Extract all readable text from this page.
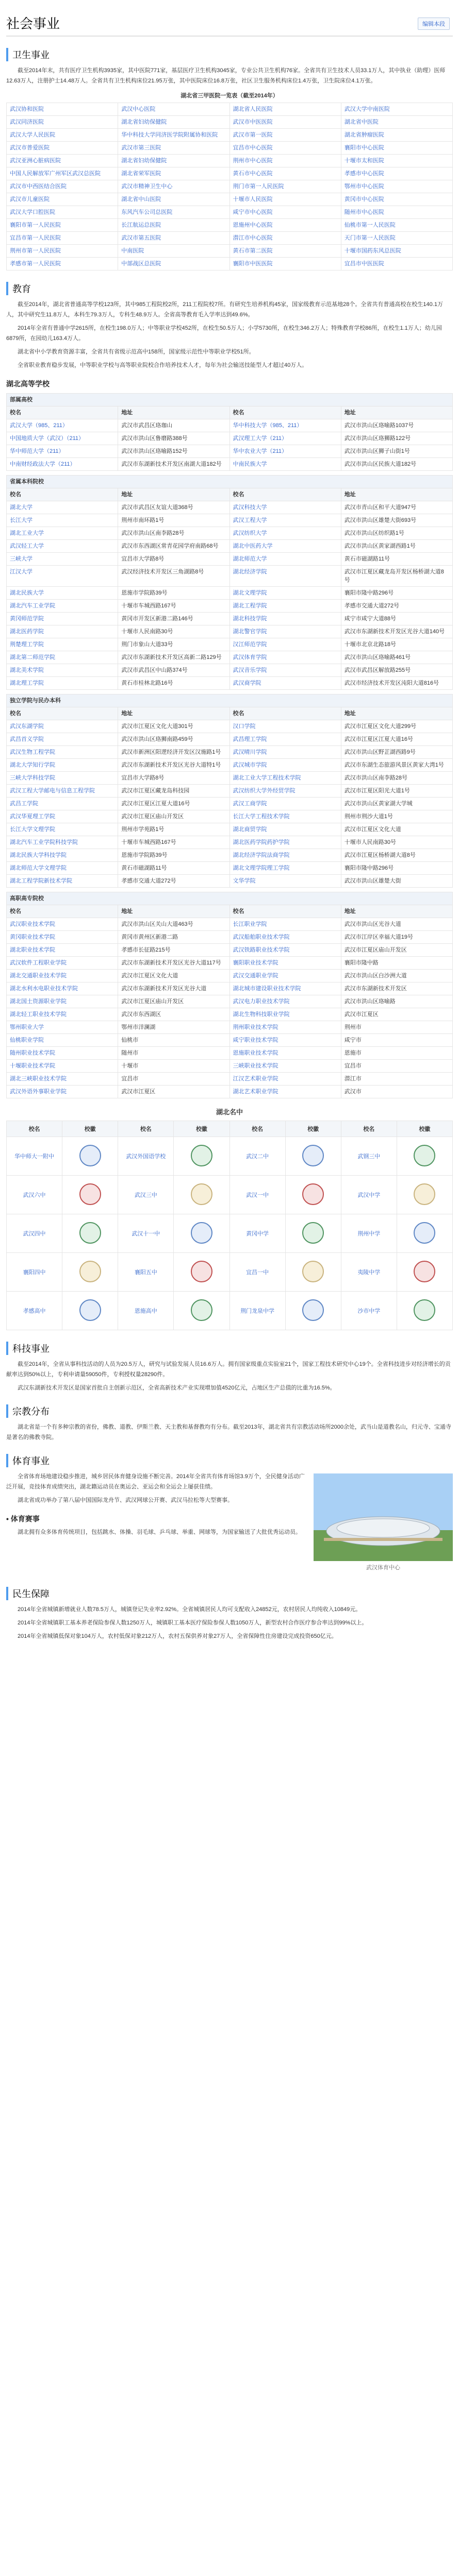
社会事业	编辑本段
卫生事业

截至2014年末，共有医疗卫生机构3935家，其中医院771家，基层医疗卫生机构3045家，专业公共卫生机构76家。全省共有卫生技术人员33.1万人，其中执业（助理）医师12.63万人，注册护士14.48万人。全省共有卫生机构床位21.95万张，其中医院床位16.8万张，社区卫生服务机构床位1.4万张，卫生院床位4.1万张。

湖北省三甲医院一览表（截至2014年）
武汉协和医院	武汉中心医院	湖北省人民医院	武汉大学中南医院
武汉同济医院	湖北省妇幼保健院	武汉市中医医院	湖北省中医院
武汉大学人民医院	华中科技大学同济医学院附属协和医院	武汉市第一医院	湖北省肿瘤医院
武汉市普爱医院	武汉市第三医院	宜昌市中心医院	襄阳市中心医院
武汉亚洲心脏病医院	湖北省妇幼保健院	荆州市中心医院	十堰市太和医院
中国人民解放军广州军区武汉总医院	湖北省荣军医院	黄石市中心医院	孝感市中心医院
武汉市中西医结合医院	武汉市精神卫生中心	荆门市第一人民医院	鄂州市中心医院
武汉市儿童医院	湖北省中山医院	十堰市人民医院	黄冈市中心医院
武汉大学口腔医院	东风汽车公司总医院	咸宁市中心医院	随州市中心医院
襄阳市第一人民医院	长江航运总医院	恩施州中心医院	仙桃市第一人民医院
宜昌市第一人民医院	武汉市第五医院	潜江市中心医院	天门市第一人民医院
荆州市第一人民医院	中南医院	黄石市第二医院	十堰市国药东风总医院
孝感市第一人民医院	中部战区总医院	襄阳市中医医院	宜昌市中医医院
教育

截至2014年，湖北省普通高等学校123所，其中985工程院校2所，211工程院校7所。有研究生培养机构45家，国家级教育示范基地28个。全省共有普通高校在校生140.1万人，其中研究生11.8万人，本科生79.3万人，专科生48.9万人。全省高等教育毛入学率达到49.6%。

2014年全省有普通中学2615所，在校生198.0万人；中等职业学校452所，在校生50.5万人；小学5730所，在校生346.2万人；特殊教育学校86所，在校生1.1万人；幼儿园6879所，在园幼儿163.4万人。

湖北省中小学教育资源丰富，全省共有省级示范高中158所，国家级示范性中等职业学校51所。

全省职业教育稳步发展，中等职业学校与高等职业院校合作培养技术人才，每年为社会输送技能型人才超过40万人。

湖北高等学校
部属高校			
校名	地址	校名	地址
武汉大学（985、211）	武汉市武昌区珞珈山	华中科技大学（985、211）	武汉市洪山区珞喻路1037号
中国地质大学（武汉）（211）	武汉市洪山区鲁磨路388号	武汉理工大学（211）	武汉市洪山区珞狮路122号
华中师范大学（211）	武汉市洪山区珞喻路152号	华中农业大学（211）	武汉市洪山区狮子山街1号
中南财经政法大学（211）	武汉市东湖新技术开发区南湖大道182号	中南民族大学	武汉市洪山区民族大道182号
省属本科院校			
校名	地址	校名	地址
湖北大学	武汉市武昌区友谊大道368号	武汉科技大学	武汉市青山区和平大道947号
长江大学	荆州市南环路1号	武汉工程大学	武汉市洪山区雄楚大街693号
湖北工业大学	武汉市洪山区南李路28号	武汉纺织大学	武汉市洪山区纺织路1号
武汉轻工大学	武汉市东西湖区常青花园学府南路68号	湖北中医药大学	武汉市洪山区黄家湖西路1号
三峡大学	宜昌市大学路8号	湖北师范大学	黄石市磁湖路11号
江汉大学	武汉经济技术开发区三角湖路8号	湖北经济学院	武汉市江夏区藏龙岛开发区杨桥湖大道8号
湖北民族大学	恩施市学院路39号	湖北文理学院	襄阳市隆中路296号
湖北汽车工业学院	十堰市车城西路167号	湖北工程学院	孝感市交通大道272号
黄冈师范学院	黄冈市开发区新港二路146号	湖北科技学院	咸宁市咸宁大道88号
湖北医药学院	十堰市人民南路30号	湖北警官学院	武汉市东湖新技术开发区光谷大道140号
荆楚理工学院	荆门市象山大道33号	汉江师范学院	十堰市北京北路18号
湖北第二师范学院	武汉市东湖新技术开发区高新二路129号	武汉体育学院	武汉市洪山区珞喻路461号
湖北美术学院	武汉市武昌区中山路374号	武汉音乐学院	武汉市武昌区解放路255号
湖北理工学院	黄石市桂林北路16号	武汉商学院	武汉市经济技术开发区沌阳大道816号
独立学院与民办本科			
校名	地址	校名	地址
武汉东湖学院	武汉市江夏区文化大道301号	汉口学院	武汉市江夏区文化大道299号
武昌首义学院	武汉市洪山区珞狮南路459号	武昌理工学院	武汉市江夏区江夏大道16号
武汉生物工程学院	武汉市新洲区阳逻经济开发区汉施路1号	武汉晴川学院	武汉市洪山区野芷湖西路9号
湖北大学知行学院	武汉市东湖新技术开发区光谷大道特1号	武汉城市学院	武汉市东湖生态旅游风景区黄家大湾1号
三峡大学科技学院	宜昌市大学路8号	湖北工业大学工程技术学院	武汉市洪山区南李路28号
武汉工程大学邮电与信息工程学院	武汉市江夏区藏龙岛科技园	武汉纺织大学外经贸学院	武汉市江夏区阳光大道1号
武昌工学院	武汉市江夏区江夏大道16号	武汉工商学院	武汉市洪山区黄家湖大学城
武汉华夏理工学院	武汉市江夏区庙山开发区	长江大学工程技术学院	荆州市荆沙大道1号
长江大学文理学院	荆州市学苑路1号	湖北商贸学院	武汉市江夏区文化大道
湖北汽车工业学院科技学院	十堰市车城西路167号	湖北医药学院药护学院	十堰市人民南路30号
湖北民族大学科技学院	恩施市学院路39号	湖北经济学院法商学院	武汉市江夏区杨桥湖大道8号
湖北师范大学文理学院	黄石市磁湖路11号	湖北文理学院理工学院	襄阳市隆中路296号
湖北工程学院新技术学院	孝感市交通大道272号	文华学院	武汉市洪山区雄楚大街
高职高专院校			
校名	地址	校名	地址
武汉职业技术学院	武汉市洪山区关山大道463号	长江职业学院	武汉市洪山区光谷大道
黄冈职业技术学院	黄冈市黄州区新港二路	武汉船舶职业技术学院	武汉市江岸区幸福大道19号
湖北职业技术学院	孝感市长征路215号	武汉铁路职业技术学院	武汉市江夏区庙山开发区
武汉软件工程职业学院	武汉市东湖新技术开发区光谷大道117号	襄阳职业技术学院	襄阳市隆中路
湖北交通职业技术学院	武汉市江夏区文化大道	武汉交通职业学院	武汉市洪山区白沙洲大道
湖北水利水电职业技术学院	武汉市东湖新技术开发区光谷大道	湖北城市建设职业技术学院	武汉市东湖新技术开发区
湖北国土资源职业学院	武汉市江夏区庙山开发区	武汉电力职业技术学院	武汉市洪山区珞喻路
湖北轻工职业技术学院	武汉市东西湖区	湖北生物科技职业学院	武汉市江夏区
鄂州职业大学	鄂州市洋澜湖	荆州职业技术学院	荆州市
仙桃职业学院	仙桃市	咸宁职业技术学院	咸宁市
随州职业技术学院	随州市	恩施职业技术学院	恩施市
十堰职业技术学院	十堰市	三峡职业技术学院	宜昌市
湖北三峡职业技术学院	宜昌市	江汉艺术职业学院	潜江市
武汉外语外事职业学院	武汉市江夏区	湖北艺术职业学院	武汉市
湖北名中
校名	校徽	校名	校徽	校名	校徽	校名	校徽
华中师大一附中		武汉外国语学校		武汉二中		武钢三中	
武汉六中		武汉三中		武汉一中		武汉中学	
武汉四中		武汉十一中		黄冈中学		荆州中学	
襄阳四中		襄阳五中		宜昌一中		夷陵中学	
孝感高中		恩施高中		荆门龙泉中学		沙市中学	
科技事业

截至2014年，全省从事科技活动的人员为20.5万人，研究与试验发展人员16.6万人。拥有国家级重点实验室21个，国家工程技术研究中心19个。全省科技进步对经济增长的贡献率达到50%以上，专利申请量59050件，专利授权量28290件。

武汉东湖新技术开发区是国家首批自主创新示范区，全省高新技术产业实现增加值4520亿元，占地区生产总值的比重为16.5%。

宗教分布

湖北省是一个有多种宗教的省份，佛教、道教、伊斯兰教、天主教和基督教均有分布。截至2013年，湖北省共有宗教活动场所2000余处，武当山是道教名山，归元寺、宝通寺是著名的佛教寺院。

体育事业
武汉体育中心

全省体育场地建设稳步推进，城乡居民体育健身设施不断完善。2014年全省共有体育场馆3.9万个，全民健身活动广泛开展，竞技体育成绩突出，湖北籍运动员在奥运会、亚运会和全运会上屡获佳绩。

湖北省成功举办了第八届中国国际龙舟节、武汉网球公开赛、武汉马拉松等大型赛事。

• 体育赛事

湖北拥有众多体育传统项目，包括跳水、体操、羽毛球、乒乓球、举重、网球等，为国家输送了大批优秀运动员。

民生保障

2014年全省城镇新增就业人数78.5万人，城镇登记失业率2.92%。全省城镇居民人均可支配收入24852元，农村居民人均纯收入10849元。

2014年全省城镇职工基本养老保险参保人数1250万人，城镇职工基本医疗保险参保人数1050万人，新型农村合作医疗参合率达到99%以上。

2014年全省城镇低保对象104万人，农村低保对象212万人，农村五保供养对象27万人，全省保障性住房建设完成投资650亿元。
